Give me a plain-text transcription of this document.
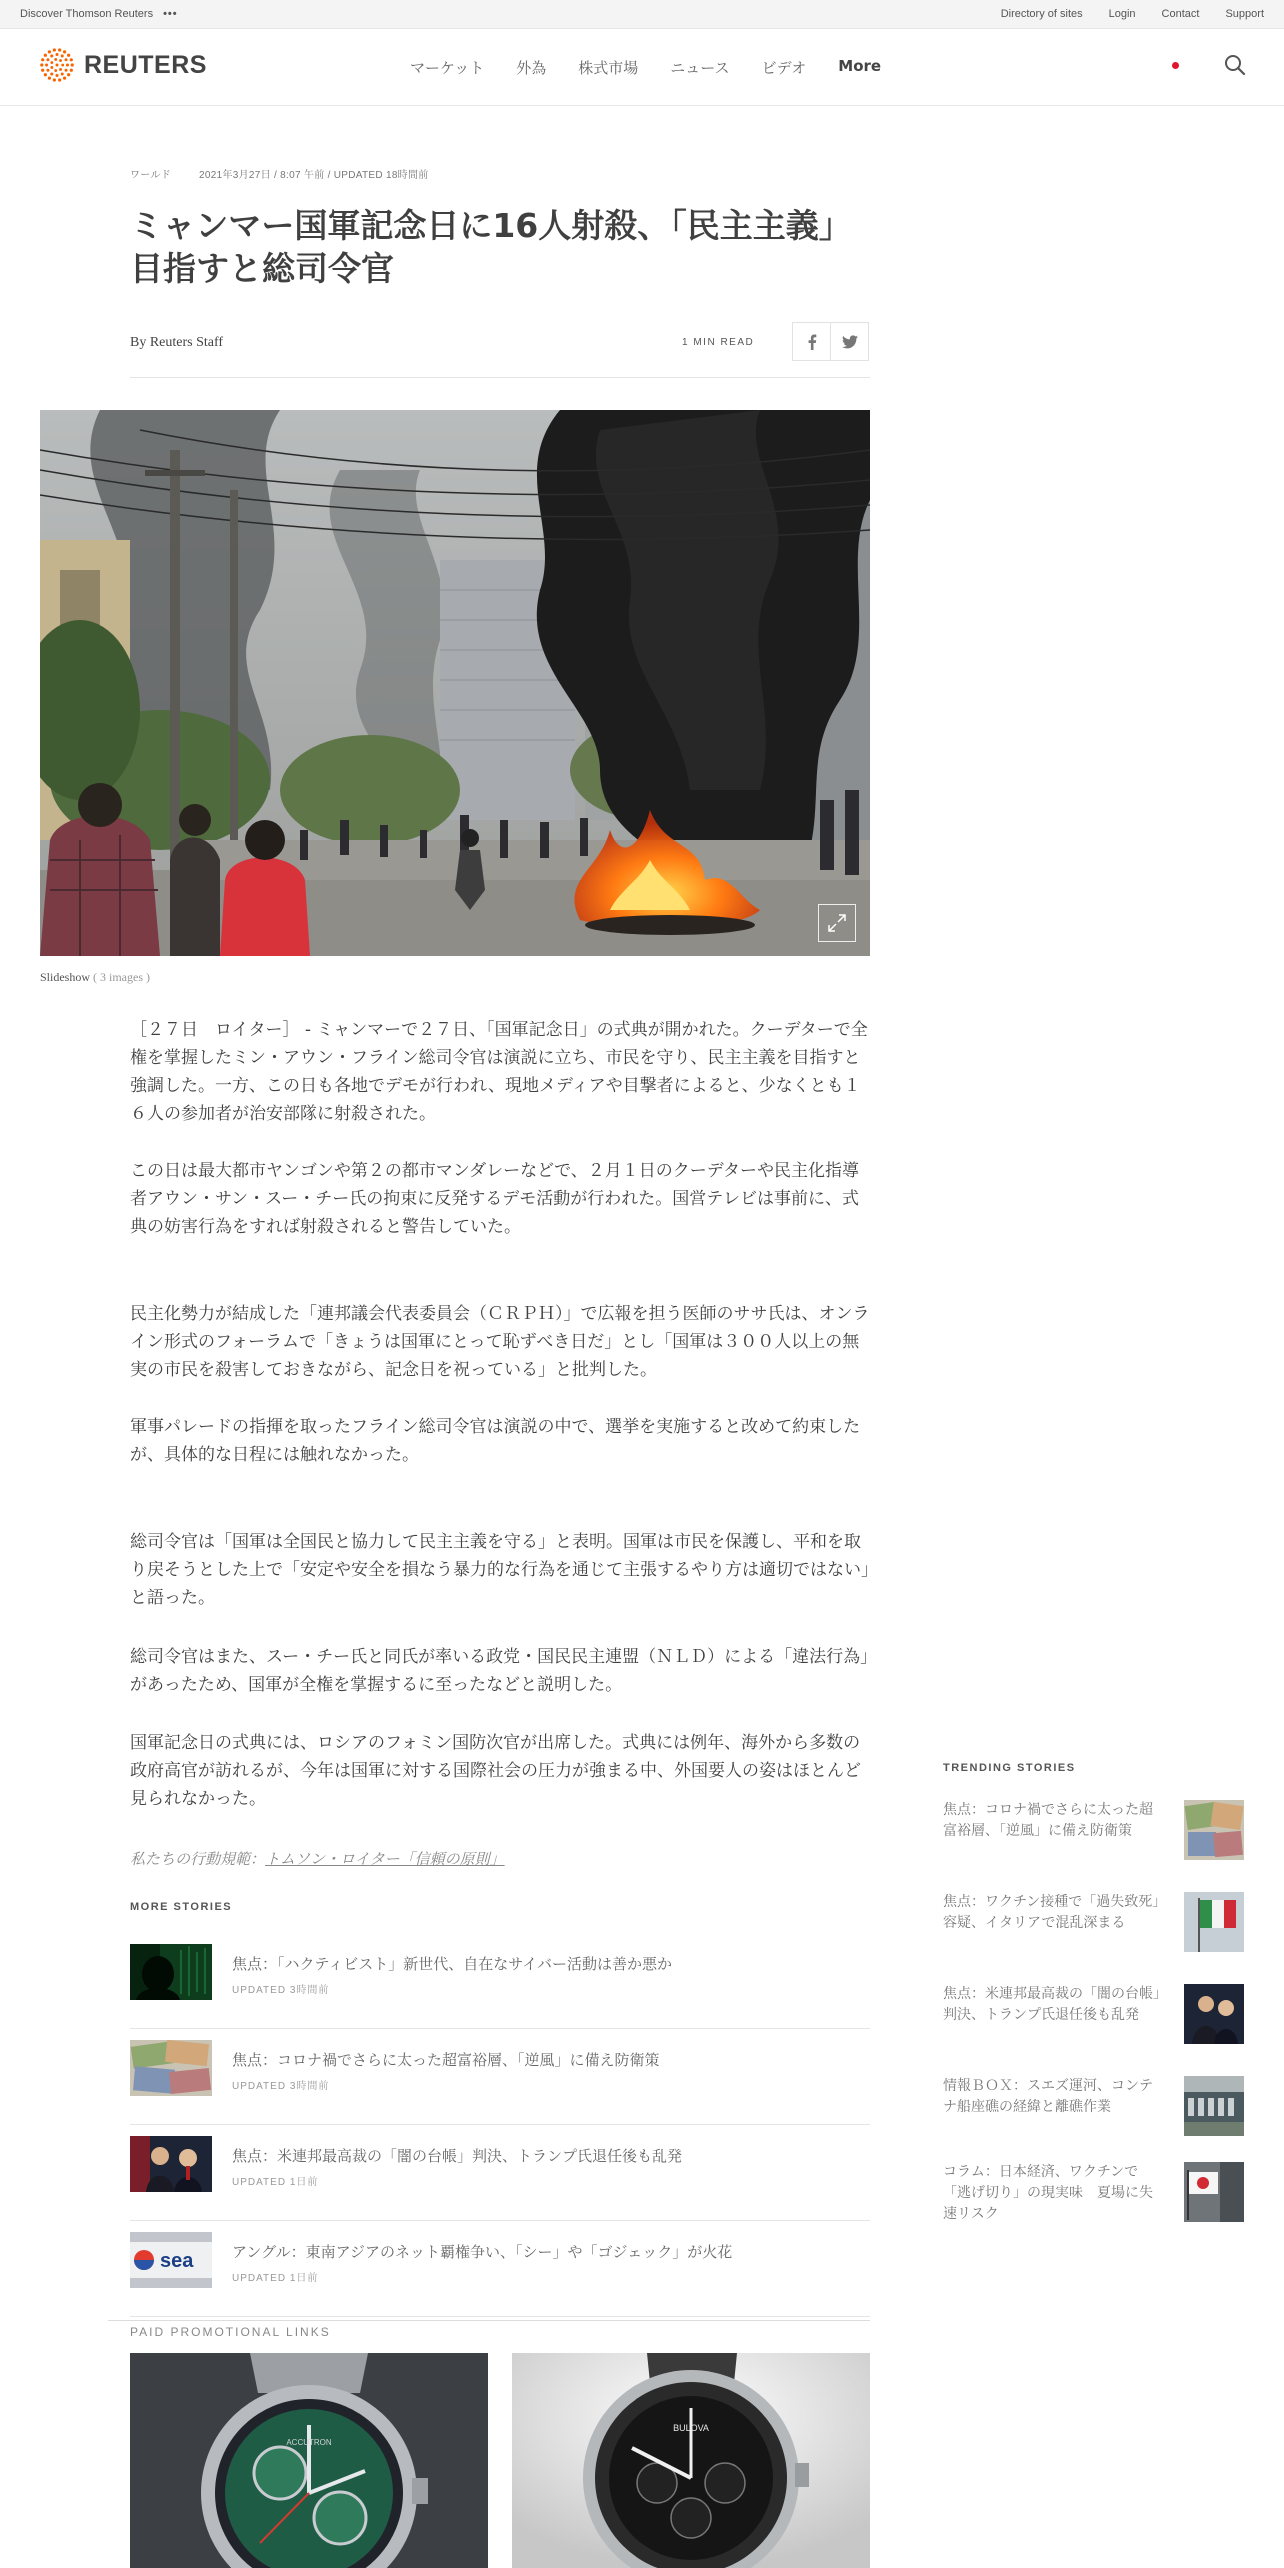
Discover Thomson Reuters •••	Directory of sites Login Contact Support
REUTERS	マーケット 外為 株式市場 ニュース ビデオ More
ワールド	2021年3月27日 / 8:07 午前 / UPDATED 18時間前
ミャンマー国軍記念日に16人射殺、「民主主義」目指すと総司令官
By Reuters Staff	1 MIN READ
Slideshow ( 3 images )

［２７日　ロイター］ - ミャンマーで２７日、「国軍記念日」の式典が開かれた。クーデターで全権を掌握したミン・アウン・フライン総司令官は演説に立ち、市民を守り、民主主義を目指すと強調した。一方、この日も各地でデモが行われ、現地メディアや目撃者によると、少なくとも１６人の参加者が治安部隊に射殺された。

この日は最大都市ヤンゴンや第２の都市マンダレーなどで、２月１日のクーデターや民主化指導者アウン・サン・スー・チー氏の拘束に反発するデモ活動が行われた。国営テレビは事前に、式典の妨害行為をすれば射殺されると警告していた。

民主化勢力が結成した「連邦議会代表委員会（ＣＲＰＨ）」で広報を担う医師のササ氏は、オンライン形式のフォーラムで「きょうは国軍にとって恥ずべき日だ」とし「国軍は３００人以上の無実の市民を殺害しておきながら、記念日を祝っている」と批判した。

軍事パレードの指揮を取ったフライン総司令官は演説の中で、選挙を実施すると改めて約束したが、具体的な日程には触れなかった。

総司令官は「国軍は全国民と協力して民主主義を守る」と表明。国軍は市民を保護し、平和を取り戻そうとした上で「安定や安全を損なう暴力的な行為を通じて主張するやり方は適切ではない」と語った。

総司令官はまた、スー・チー氏と同氏が率いる政党・国民民主連盟（ＮＬＤ）による「違法行為」があったため、国軍が全権を掌握するに至ったなどと説明した。

国軍記念日の式典には、ロシアのフォミン国防次官が出席した。式典には例年、海外から多数の政府高官が訪れるが、今年は国軍に対する国際社会の圧力が強まる中、外国要人の姿はほとんど見られなかった。

私たちの行動規範：トムソン・ロイター「信頼の原則」
MORE STORIES
焦点：「ハクティビスト」新世代、自在なサイバー活動は善か悪か
UPDATED 3時間前
焦点：コロナ禍でさらに太った超富裕層、「逆風」に備え防衛策
UPDATED 3時間前
焦点：米連邦最高裁の「闇の台帳」判決、トランプ氏退任後も乱発
UPDATED 1日前
sea	アングル：東南アジアのネット覇権争い、「シー」や「ゴジェック」が火花
UPDATED 1日前
PAID PROMOTIONAL LINKS
ACCUTRON
BULOVA
TRENDING STORIES
焦点：コロナ禍でさらに太った超富裕層、「逆風」に備え防衛策
焦点：ワクチン接種で「過失致死」容疑、イタリアで混乱深まる
焦点：米連邦最高裁の「闇の台帳」判決、トランプ氏退任後も乱発
情報ＢＯＸ：スエズ運河、コンテナ船座礁の経緯と離礁作業
コラム：日本経済、ワクチンで「逃げ切り」の現実味　夏場に失速リスク
